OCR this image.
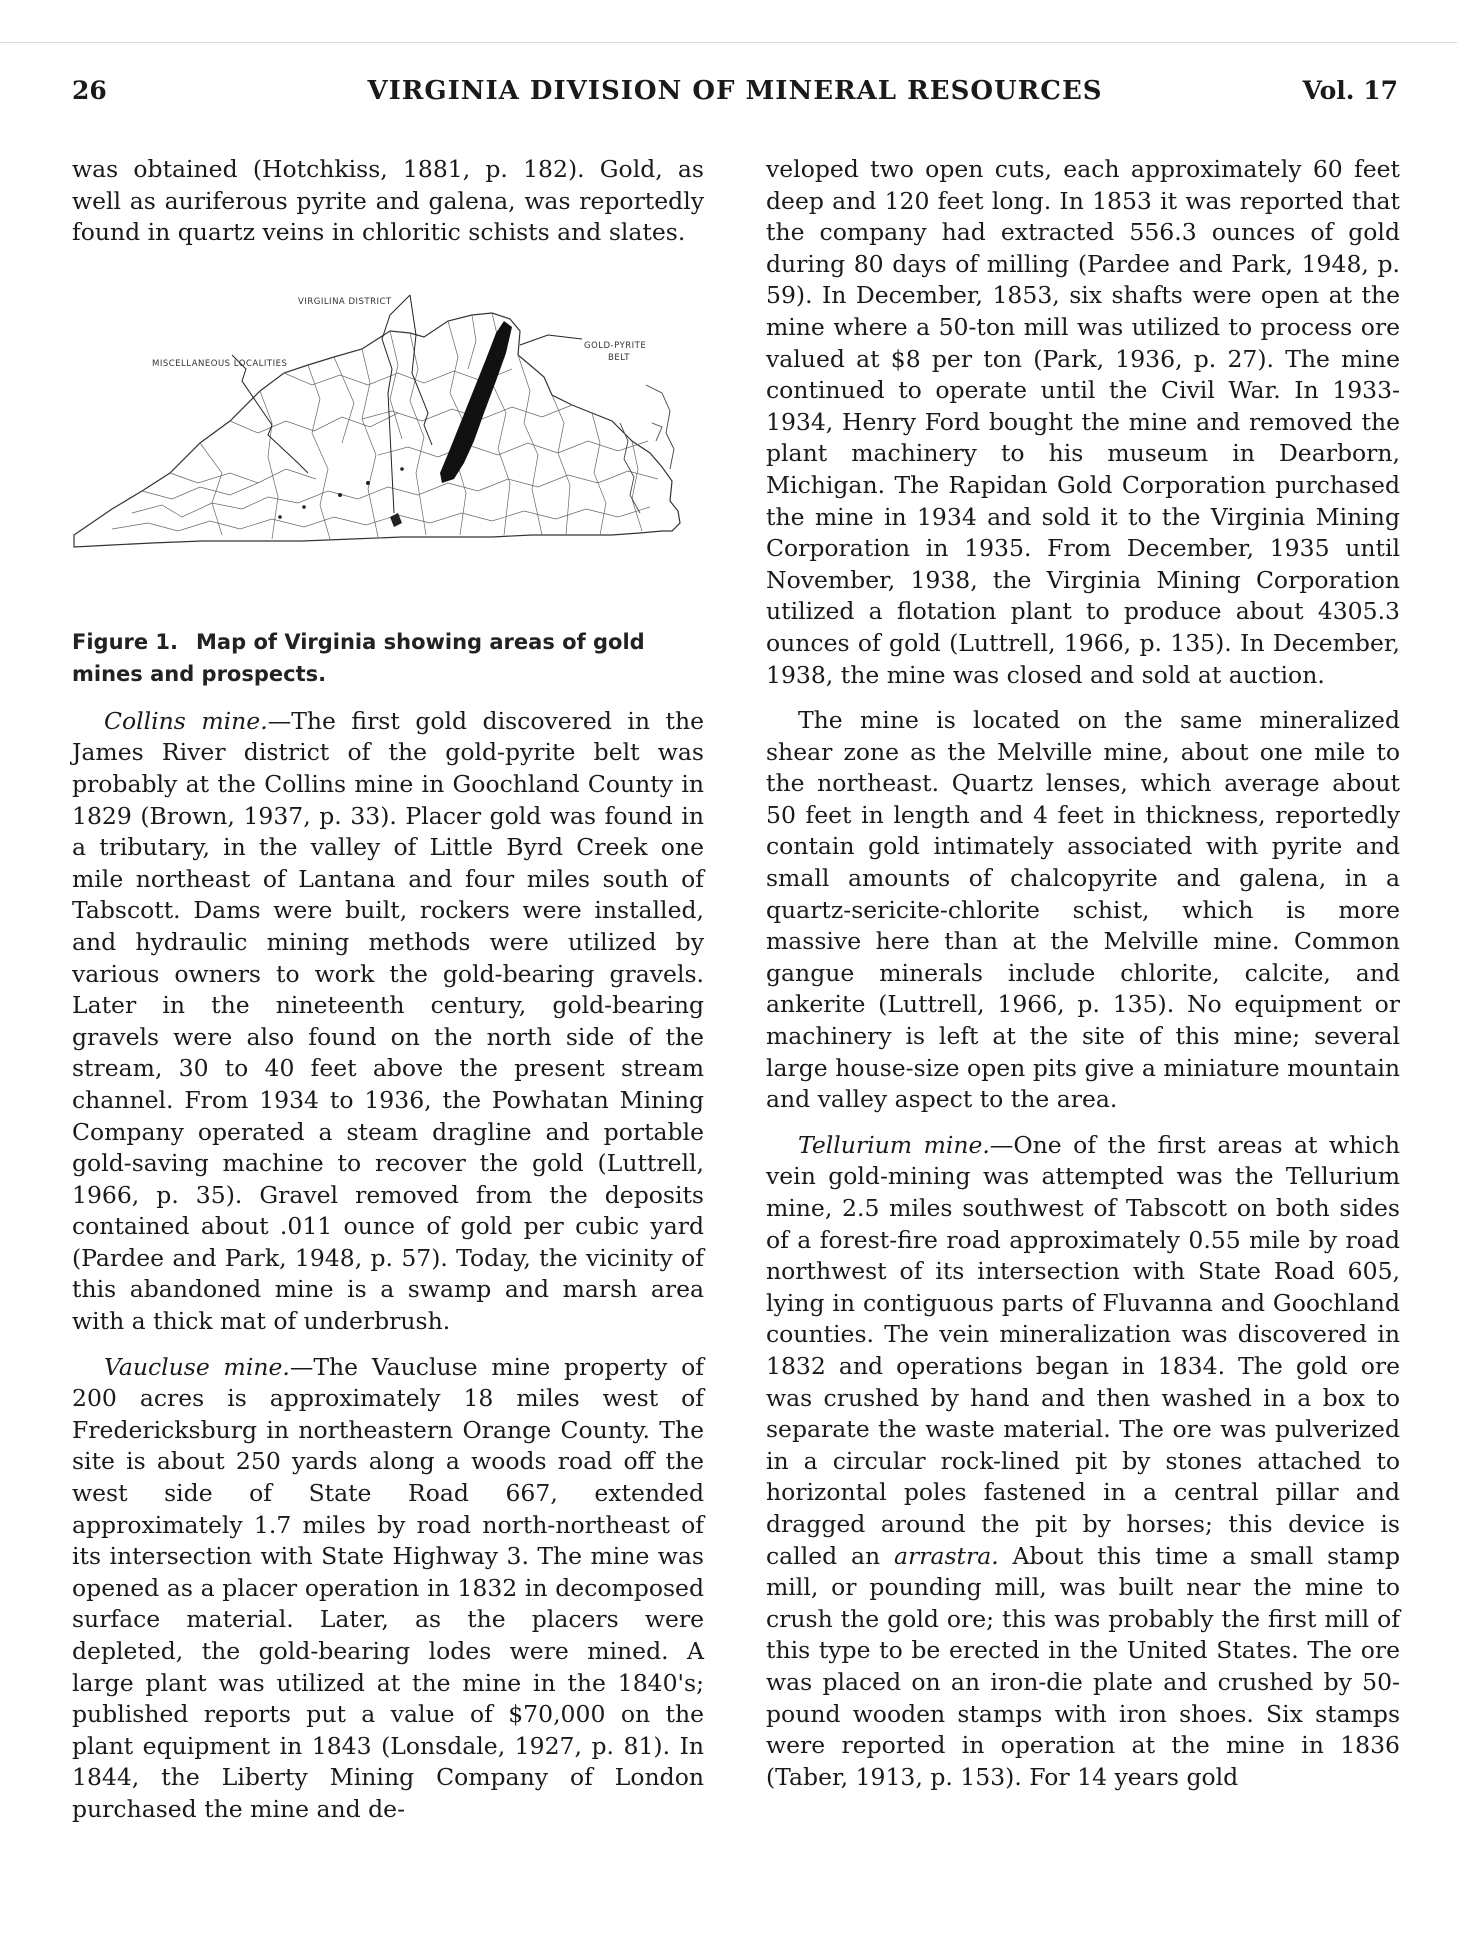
VIRGINIA DIVISION OF MINERAL RESOURCES
26	Vol. 17

was obtained (Hotchkiss, 1881, p. 182). Gold, as well as auriferous pyrite and galena, was reportedly found in quartz veins in chloritic schists and slates.

VIRGILINA DISTRICT
GOLD-PYRITE
BELT
MISCELLANEOUS LOCALITIES
Figure 1. Map of Virginia showing areas of gold mines and prospects.

Collins mine.—The first gold discovered in the James River district of the gold-pyrite belt was probably at the Collins mine in Goochland County in 1829 (Brown, 1937, p. 33). Placer gold was found in a tributary, in the valley of Little Byrd Creek one mile northeast of Lantana and four miles south of Tabscott. Dams were built, rockers were installed, and hydraulic mining methods were utilized by various owners to work the gold-bearing gravels. Later in the nineteenth century, gold-bearing gravels were also found on the north side of the stream, 30 to 40 feet above the present stream channel. From 1934 to 1936, the Powhatan Mining Company operated a steam dragline and portable gold-saving machine to recover the gold (Luttrell, 1966, p. 35). Gravel removed from the deposits contained about .011 ounce of gold per cubic yard (Pardee and Park, 1948, p. 57). Today, the vicinity of this abandoned mine is a swamp and marsh area with a thick mat of underbrush.

Vaucluse mine.—The Vaucluse mine property of 200 acres is approximately 18 miles west of Fredericksburg in northeastern Orange County. The site is about 250 yards along a woods road off the west side of State Road 667, extended approximately 1.7 miles by road north-northeast of its intersection with State Highway 3. The mine was opened as a placer operation in 1832 in decomposed surface material. Later, as the placers were depleted, the gold-bearing lodes were mined. A large plant was utilized at the mine in the 1840's; published reports put a value of $70,000 on the plant equipment in 1843 (Lonsdale, 1927, p. 81). In 1844, the Liberty Mining Company of London purchased the mine and de-

veloped two open cuts, each approximately 60 feet deep and 120 feet long. In 1853 it was reported that the company had extracted 556.3 ounces of gold during 80 days of milling (Pardee and Park, 1948, p. 59). In December, 1853, six shafts were open at the mine where a 50-ton mill was utilized to process ore valued at $8 per ton (Park, 1936, p. 27). The mine continued to operate until the Civil War. In 1933-1934, Henry Ford bought the mine and removed the plant machinery to his museum in Dearborn, Michigan. The Rapidan Gold Corporation purchased the mine in 1934 and sold it to the Virginia Mining Corporation in 1935. From December, 1935 until November, 1938, the Virginia Mining Corporation utilized a flotation plant to produce about 4305.3 ounces of gold (Luttrell, 1966, p. 135). In December, 1938, the mine was closed and sold at auction.

The mine is located on the same mineralized shear zone as the Melville mine, about one mile to the northeast. Quartz lenses, which average about 50 feet in length and 4 feet in thickness, reportedly contain gold intimately associated with pyrite and small amounts of chalcopyrite and galena, in a quartz-sericite-chlorite schist, which is more massive here than at the Melville mine. Common gangue minerals include chlorite, calcite, and ankerite (Luttrell, 1966, p. 135). No equipment or machinery is left at the site of this mine; several large house-size open pits give a miniature mountain and valley aspect to the area.

Tellurium mine.—One of the first areas at which vein gold-mining was attempted was the Tellurium mine, 2.5 miles southwest of Tabscott on both sides of a forest-fire road approximately 0.55 mile by road northwest of its intersection with State Road 605, lying in contiguous parts of Fluvanna and Goochland counties. The vein mineralization was discovered in 1832 and operations began in 1834. The gold ore was crushed by hand and then washed in a box to separate the waste material. The ore was pulverized in a circular rock-lined pit by stones attached to horizontal poles fastened in a central pillar and dragged around the pit by horses; this device is called an arrastra. About this time a small stamp mill, or pounding mill, was built near the mine to crush the gold ore; this was probably the first mill of this type to be erected in the United States. The ore was placed on an iron-die plate and crushed by 50-pound wooden stamps with iron shoes. Six stamps were reported in operation at the mine in 1836 (Taber, 1913, p. 153). For 14 years gold
